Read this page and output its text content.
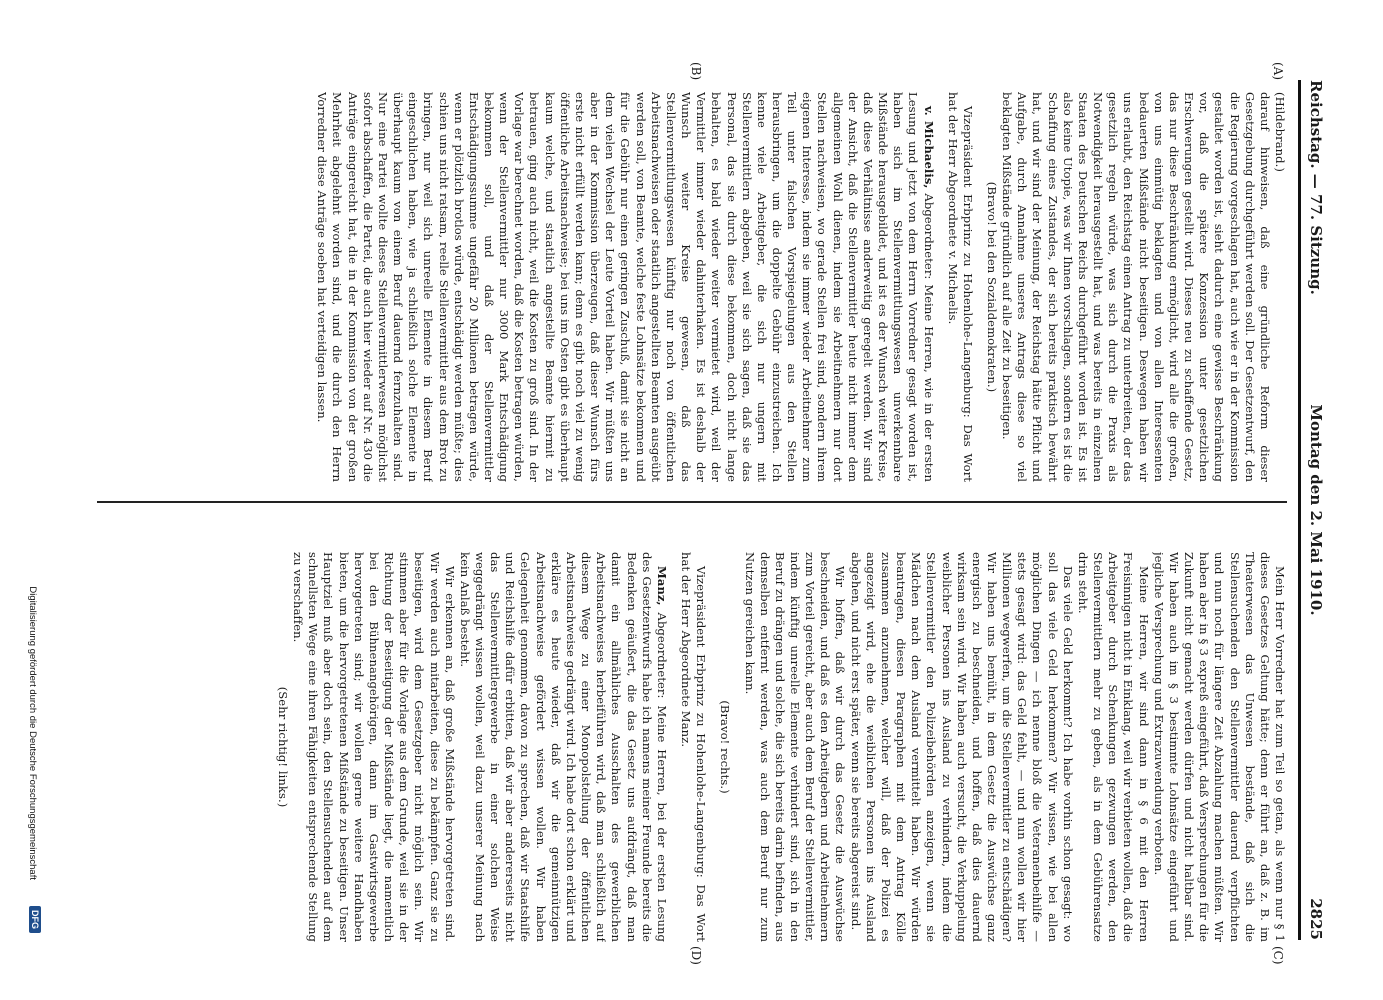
Reichstag. — 77. Sitzung.
Montag den 2. Mai 1910.
2825
(A)
(B)
(C)
(D)

(Hildebrand.)

darauf hinweisen, daß eine gründliche Reform dieser Gesetzgebung durchgeführt werden soll. Der Gesetzentwurf, den die Regierung vorgeschlagen hat, auch wie er in der Kommission gestaltet worden ist, sieht dadurch eine gewisse Beschränkung vor, daß die spätere Konzession unter gesetzlichen Erschwerungen gestellt wird. Dieses neu zu schaffende Gesetz, das nur diese Beschränkung ermöglicht, wird alle die großen, von uns einmütig beklagten und von allen Interessenten bedauerten Mißstände nicht beseitigen. Deswegen haben wir uns erlaubt, den Reichstag einen Antrag zu unterbreiten, der das gesetzlich regeln würde, was sich durch die Praxis als Notwendigkeit herausgestellt hat, und was bereits in einzelnen Staaten des Deutschen Reichs durchgeführt worden ist. Es ist also keine Utopie, was wir Ihnen vorschlagen, sondern es ist die Schaffung eines Zustandes, der sich bereits praktisch bewährt hat, und wir sind der Meinung, der Reichstag hätte Pflicht und Aufgabe, durch Annahme unseres Antrags diese so viel beklagten Mißstände gründlich auf alle Zeit zu beseitigen.

(Bravo! bei den Sozialdemokraten.)

Vizepräsident Erbprinz zu Hohenlohe-Langenburg: Das Wort hat der Herr Abgeordnete v. Michaelis.

v. Michaelis, Abgeordneter: Meine Herren, wie in der ersten Lesung und jetzt von dem Herrn Vorredner gesagt worden ist, haben sich im Stellenvermittlungswesen unverkennbare Mißstände herausgebildet, und ist es der Wunsch weiter Kreise, daß diese Verhältnisse anderweitig geregelt werden. Wir sind der Ansicht, daß die Stellenvermittler heute nicht immer dem allgemeinen Wohl dienen, indem sie Arbeitnehmern nur dort Stellen nachweisen, wo gerade Stellen frei sind, sondern ihrem eigenen Interesse, indem sie immer wieder Arbeitnehmer zum Teil unter falschen Vorspiegelungen aus den Stellen herausbringen, um die doppelte Gebühr einzustreichen. Ich kenne viele Arbeitgeber, die sich nur ungern mit Stellenvermittlern abgeben, weil sie sich sagen, daß sie das Personal, das sie durch diese bekommen, doch nicht lange behalten, es bald wieder weiter vermietet wird, weil der Vermittler immer wieder dahinterhaken. Es ist deshalb der Wunsch weiter Kreise gewesen, daß das Stellenvermittlungswesen künftig nur noch von öffentlichen Arbeitsnachweisen oder staatlich angestellten Beamten ausgeübt werden soll, von Beamte, welche feste Lohnsätze bekommen und für die Gebühr nur einen geringen Zuschuß, damit sie nicht an dem vielen Wechsel der Leute Vorteil haben. Wir müßten uns aber in der Kommission überzeugen, daß dieser Wunsch fürs erste nicht erfüllt werden kann; denn es gibt noch viel zu wenig öffentliche Arbeitsnachweise; bei uns im Osten gibt es überhaupt kaum welche, und staatlich angestellte Beamte hiermit zu betrauen, ging auch nicht, weil die Kosten zu groß sind. In der Vorlage war berechnet worden, daß die Kosten betragen würden, wenn der Stellenvermittler nur 3000 Mark Entschädigung bekommen soll, und daß der Stellenvermittler Entschädigungssumme ungefähr 20 Millionen betragen würde, wenn er plötzlich brotlos würde, entschädigt werden müßte; dies schien uns nicht ratsam, reelle Stellenvermittler aus dem Brot zu bringen, nur weil sich unreelle Elemente in diesem Beruf eingeschlichen haben, wie ja schließlich solche Elemente in überhaupt kaum von einem Beruf dauernd fernzuhalten sind. Nur eine Partei wollte dieses Stellenvermittlerwesen möglichst sofort abschaffen, die Partei, die auch hier wieder auf Nr. 430 die Anträge eingereicht hat, die in der Kommission von der großen Mehrheit abgelehnt worden sind, und die durch den Herrn Vorredner diese Anträge soeben hat verteidigen lassen.

Mein Herr Vorredner hat zum Teil so getan, als wenn nur § 1 dieses Gesetzes Geltung hätte; denn er führt an, daß z. B. im Theaterwesen das Unwesen bestände, daß sich die Stellensuchenden den Stellenvermittler dauernd verpflichten und nun noch für längere Zeit Abzahlung machen müßten. Wir haben aber in § 3 expreß eingeführt, daß Versprechungen für die Zukunft nicht gemacht werden dürfen und nicht haltbar sind. Wir haben auch im § 3 bestimmte Lohnsätze eingeführt und jegliche Versprechung und Extrazuwendung verboten.

Meine Herren, wir sind dann in § 6 mit den Herren Freisinnigen nicht in Einklang, weil wir verbieten wollen, daß die Arbeitgeber durch Schenkungen gezwungen werden, den Stellenvermittlern mehr zu geben, als in dem Gebührensatze drin steht.

Das viele Geld herkommt? Ich habe vorhin schon gesagt: wo soll das viele Geld herkommen? Wir wissen, wie bei allen möglichen Dingen — ich nenne bloß die Veteranenbeihilfe — stets gesagt wird: das Geld fehlt, — und nun wollen wir hier Millionen wegwerfen, um die Stellenvermittler zu entschädigen? Wir haben uns bemüht, in dem Gesetz die Auswüchse ganz energisch zu beschneiden, und hoffen, daß dies dauernd wirksam sein wird. Wir haben auch versucht, die Verkuppelung weiblicher Personen ins Ausland zu verhindern, indem die Stellenvermittler den Polizeibehörden anzeigen, wenn sie Mädchen nach dem Ausland vermittelt haben. Wir würden beantragen, diesen Paragraphen mit dem Antrag Kölle zusammen anzunehmen, welcher will, daß der Polizei es angezeigt wird, ehe die weiblichen Personen ins Ausland abgehen, und nicht erst später, wenn sie bereits abgereist sind.

Wir hoffen, daß wir durch das Gesetz die Auswüchse beschneiden, und daß es den Arbeitgebern und Arbeitnehmern zum Vorteil gereicht, aber auch dem Beruf der Stellenvermittler, indem künftig unreelle Elemente verhindert sind, sich in den Beruf zu drängen und solche, die sich bereits darin befinden, aus demselben entfernt werden, was auch dem Beruf nur zum Nutzen gereichen kann.

(Bravo! rechts.)

Vizepräsident Erbprinz zu Hohenlohe-Langenburg: Das Wort hat der Herr Abgeordnete Manz.

Manz, Abgeordneter: Meine Herren, bei der ersten Lesung des Gesetzentwurfs habe ich namens meiner Freunde bereits die Bedenken geäußert, die das Gesetz uns aufdrängt, daß man damit ein allmähliches Ausschalten des gewerblichen Arbeitsnachweises herbeiführen wird, daß man schließlich auf diesem Wege zu einer Monopolstellung der öffentlichen Arbeitsnachweise gedrängt wird. Ich habe dort schon erklärt und erkläre es heute wieder, daß wir die gemeinnützigen Arbeitsnachweise gefördert wissen wollen. Wir haben Gelegenheit genommen, davon zu sprechen, daß wir Staatshilfe und Reichshilfe dafür erbitten, daß wir aber andererseits nicht das Stellenvermittlergewerbe in einer solchen Weise weggedrängt wissen wollen, weil dazu unserer Meinung nach kein Anlaß besteht.

Wir erkennen an, daß große Mißstände hervorgetreten sind. Wir werden auch mitarbeiten, diese zu bekämpfen. Ganz sie zu beseitigen, wird dem Gesetzgeber nicht möglich sein. Wir stimmen aber für die Vorlage aus dem Grunde, weil sie in der Richtung der Beseitigung der Mißstände liegt, die namentlich bei den Bühnenangehörigen, dann im Gastwirtsgewerbe hervorgetreten sind; wir wollen gerne weitere Handhaben bieten, um die hervorgetretenen Mißstände zu beseitigen. Unser Hauptziel muß aber doch sein, den Stellensuchenden auf dem schnellsten Wege eine ihren Fähigkeiten entsprechende Stellung zu verschaffen.

(Sehr richtig! links.)

Digitalisierung gefördert durch die Deutsche Forschungsgemeinschaft
DFG
